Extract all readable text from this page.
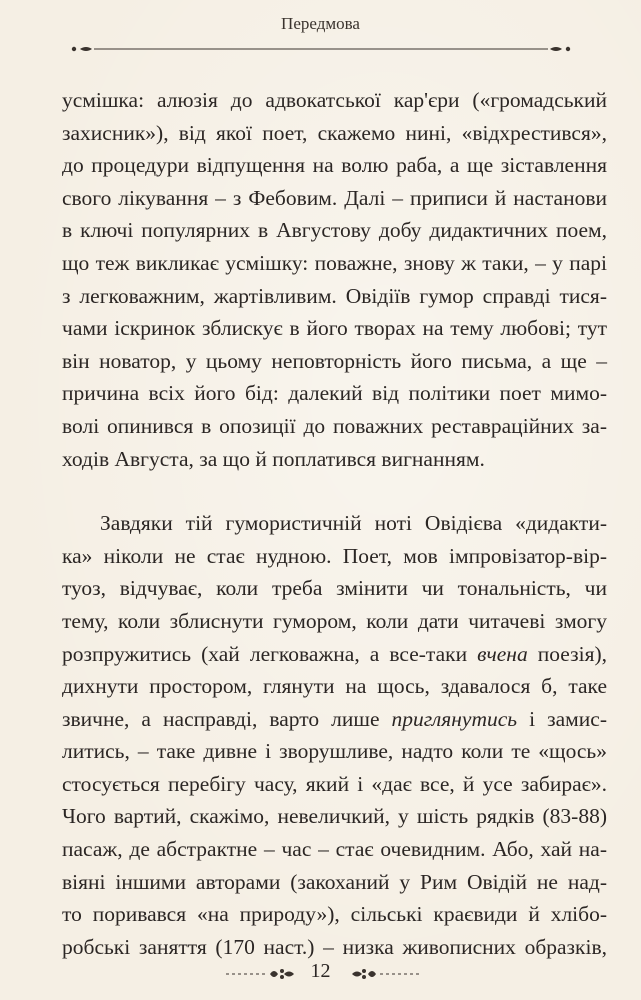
Передмова
усмішка: алюзія до адвокатської кар'єри («громадський
захисник»), від якої поет, скажемо нині, «відхрестився»,
до процедури відпущення на волю раба, а ще зіставлення
свого лікування – з Фебовим. Далі – приписи й настанови
в ключі популярних в Августову добу дидактичних поем,
що теж викликає усмішку: поважне, знову ж таки, – у парі
з легковажним, жартівливим. Овідіїв гумор справді тися-
чами іскринок зблискує в його творах на тему любові; тут
він новатор, у цьому неповторність його письма, а ще –
причина всіх його бід: далекий від політики поет мимо-
волі опинився в опозиції до поважних реставраційних за-
ходів Августа, за що й поплатився вигнанням.
Завдяки тій гумористичній ноті Овідієва «дидакти-
ка» ніколи не стає нудною. Поет, мов імпровізатор-вір-
туоз, відчуває, коли треба змінити чи тональність, чи
тему, коли зблиснути гумором, коли дати читачеві змогу
розпружитись (хай легковажна, а все-таки вчена поезія),
дихнути простором, глянути на щось, здавалося б, таке
звичне, а насправді, варто лише приглянутись і замис-
литись, – таке дивне і зворушливе, надто коли те «щось»
стосується перебігу часу, який і «дає все, й усе забирає».
Чого вартий, скажімо, невеличкий, у шість рядків (83-88)
пасаж, де абстрактне – час – стає очевидним. Або, хай на-
віяні іншими авторами (закоханий у Рим Овідій не над-
то поривався «на природу»), сільські краєвиди й хлібо-
робські заняття (170 наст.) – низка живописних образків,
12
